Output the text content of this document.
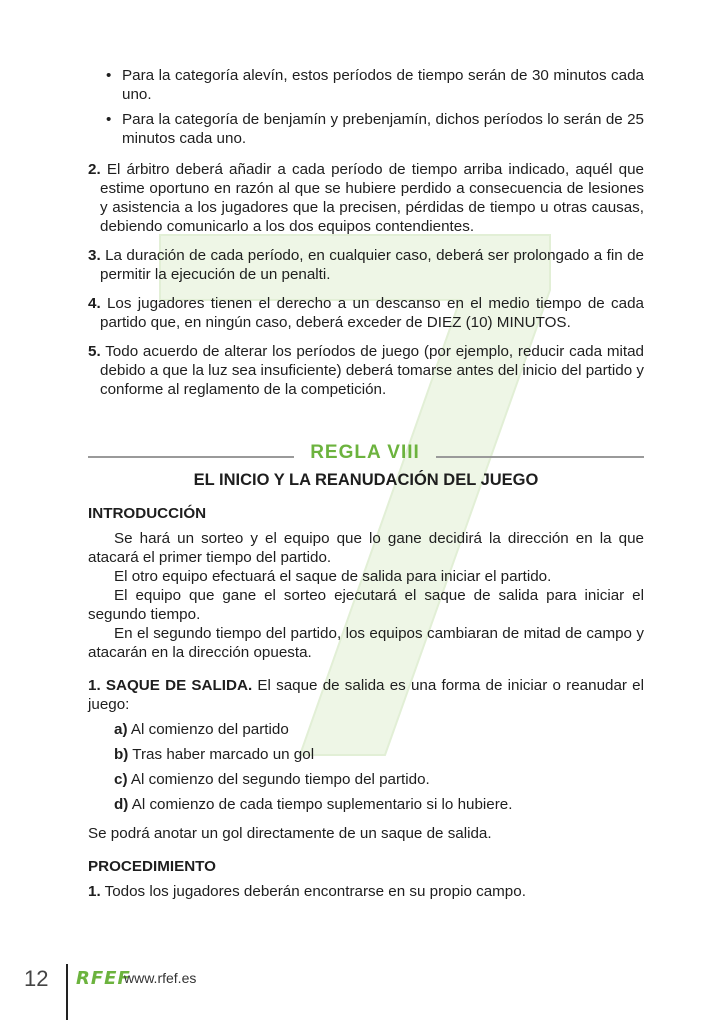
• Para la categoría alevín, estos períodos de tiempo serán de 30 minutos cada uno.
• Para la categoría de benjamín y prebenjamín, dichos períodos lo serán de 25 minutos cada uno.
2. El árbitro deberá añadir a cada período de tiempo arriba indicado, aquél que estime oportuno en razón al que se hubiere perdido a consecuencia de lesiones y asistencia a los jugadores que la precisen, pérdidas de tiempo u otras causas, debiendo comunicarlo a los dos equipos contendientes.
3. La duración de cada período, en cualquier caso, deberá ser prolongado a fin de permitir la ejecución de un penalti.
4. Los jugadores tienen el derecho a un descanso en el medio tiempo de cada partido que, en ningún caso, deberá exceder de DIEZ (10) MINUTOS.
5. Todo acuerdo de alterar los períodos de juego (por ejemplo, reducir cada mitad debido a que la luz sea insuficiente) deberá tomarse antes del inicio del partido y conforme al reglamento de la competición.
REGLA VIII
EL INICIO Y LA REANUDACIÓN DEL JUEGO
INTRODUCCIÓN
Se hará un sorteo y el equipo que lo gane decidirá la dirección en la que atacará el primer tiempo del partido.
El otro equipo efectuará el saque de salida para iniciar el partido.
El equipo que gane el sorteo ejecutará el saque de salida para iniciar el segundo tiempo.
En el segundo tiempo del partido, los equipos cambiaran de mitad de campo y atacarán en la dirección opuesta.
1. SAQUE DE SALIDA. El saque de salida es una forma de iniciar o reanudar el juego:
a) Al comienzo del partido
b) Tras haber marcado un gol
c) Al comienzo del segundo tiempo del partido.
d) Al comienzo de cada tiempo suplementario si lo hubiere.
Se podrá anotar un gol directamente de un saque de salida.
PROCEDIMIENTO
1. Todos los jugadores deberán encontrarse en su propio campo.
12 RFEF
www.rfef.es
